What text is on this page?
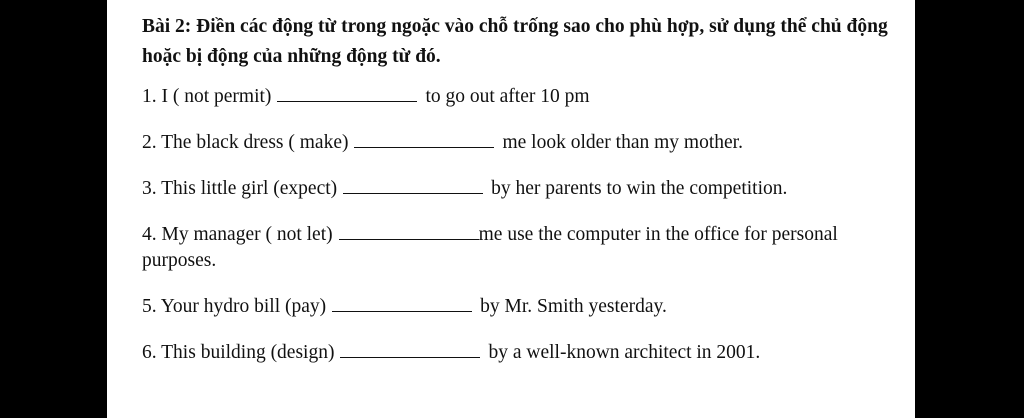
Bài 2: Điền các động từ trong ngoặc vào chỗ trống sao cho phù hợp, sử dụng thể chủ động hoặc bị động của những động từ đó.

1. I ( not permit)	to go out after 10 pm
2. The black dress ( make)	me look older than my mother.
3. This little girl (expect)	by her parents to win the competition.
4. My manager ( not let)	me use the computer in the office for personal purposes.
5. Your hydro bill (pay)	by Mr. Smith yesterday.
6. This building (design)	by a well-known architect in 2001.
